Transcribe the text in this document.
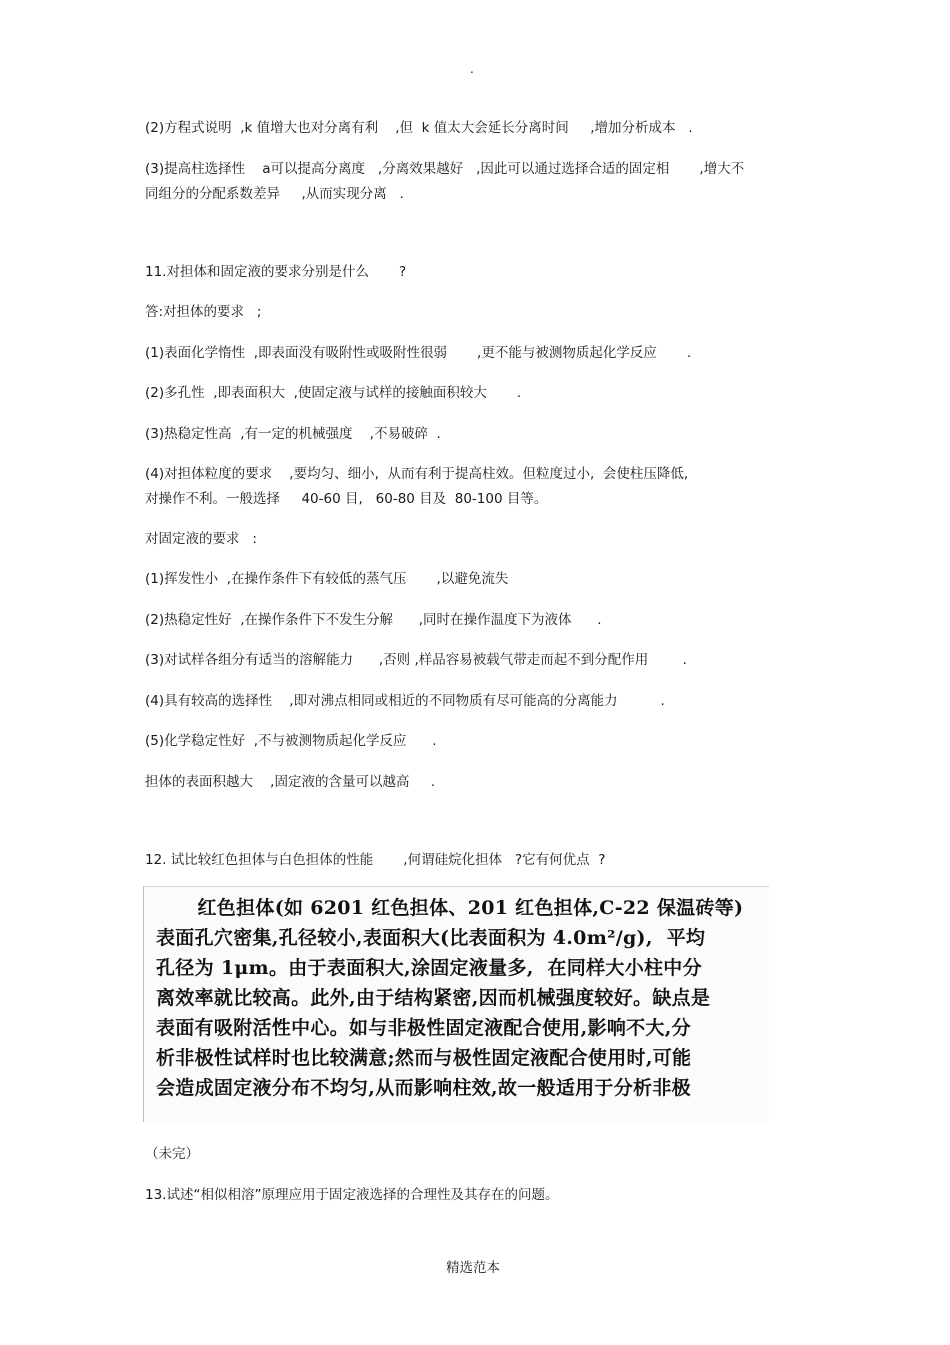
.
(2)方程式说明  ,k 值增大也对分离有利    ,但  k 值太大会延长分离时间     ,增加分析成本   .
(3)提高柱选择性    a可以提高分离度   ,分离效果越好   ,因此可以通过选择合适的固定相       ,增大不
同组分的分配系数差异     ,从而实现分离   .
11.对担体和固定液的要求分别是什么       ?
答:对担体的要求   ;
(1)表面化学惰性  ,即表面没有吸附性或吸附性很弱       ,更不能与被测物质起化学反应       .
(2)多孔性  ,即表面积大  ,使固定液与试样的接触面积较大       .
(3)热稳定性高  ,有一定的机械强度    ,不易破碎  .
(4)对担体粒度的要求    ,要均匀、细小,  从而有利于提高柱效。但粒度过小,  会使柱压降低,
对操作不利。一般选择     40-60 目,   60-80 目及  80-100 目等。
对固定液的要求   :
(1)挥发性小  ,在操作条件下有较低的蒸气压       ,以避免流失
(2)热稳定性好  ,在操作条件下不发生分解      ,同时在操作温度下为液体      .
(3)对试样各组分有适当的溶解能力      ,否则 ,样品容易被载气带走而起不到分配作用        .
(4)具有较高的选择性    ,即对沸点相同或相近的不同物质有尽可能高的分离能力          .
(5)化学稳定性好  ,不与被测物质起化学反应      .
担体的表面积越大    ,固定液的含量可以越高     .
12. 试比较红色担体与白色担体的性能       ,何谓硅烷化担体   ?它有何优点  ?
红色担体(如 6201 红色担体、201 红色担体,C-22 保温砖等)
表面孔穴密集,孔径较小,表面积大(比表面积为 4.0m²/g),  平均
孔径为 1μm。由于表面积大,涂固定液量多,  在同样大小柱中分
离效率就比较高。此外,由于结构紧密,因而机械强度较好。缺点是
表面有吸附活性中心。如与非极性固定液配合使用,影响不大,分
析非极性试样时也比较满意;然而与极性固定液配合使用时,可能
会造成固定液分布不均匀,从而影响柱效,故一般适用于分析非极
（未完）
13.试述“相似相溶”原理应用于固定液选择的合理性及其存在的问题。
精选范本
